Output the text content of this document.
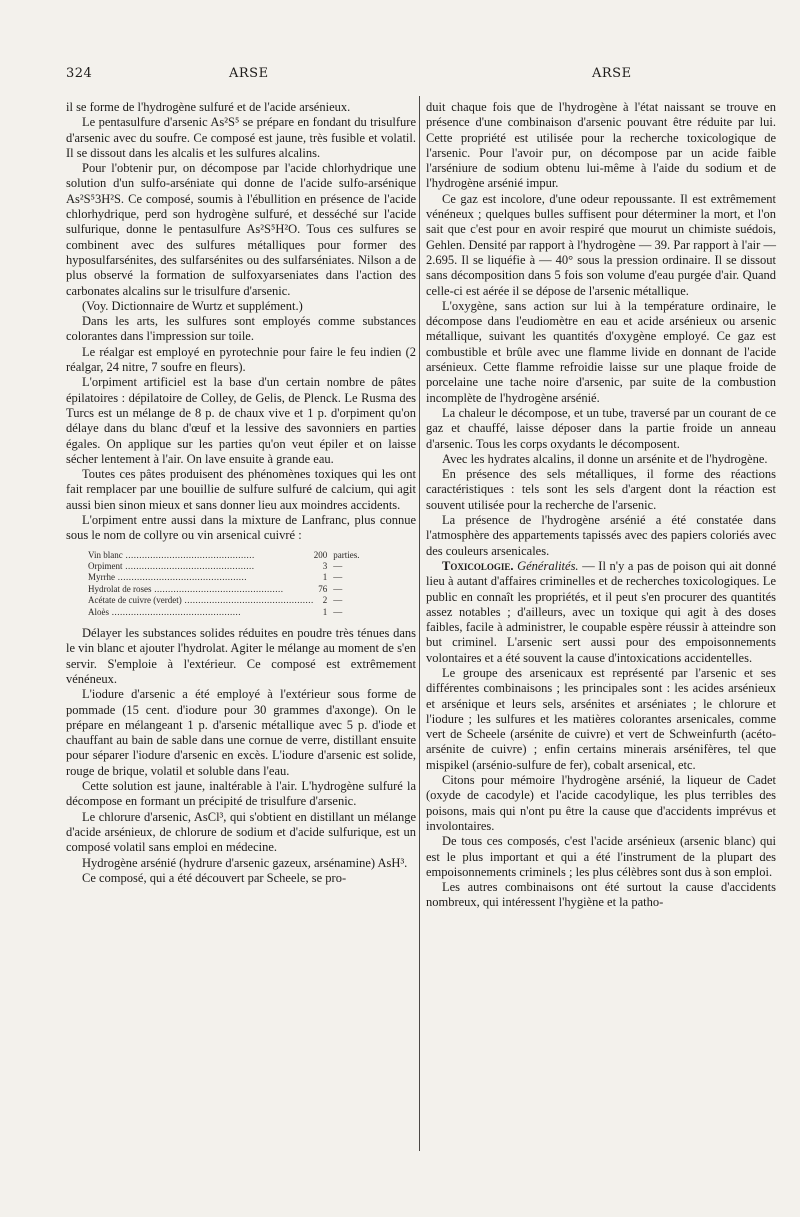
324	ARSE	ARSE

il se forme de l'hydrogène sulfuré et de l'acide arsénieux.

Le pentasulfure d'arsenic As²S⁵ se prépare en fondant du trisulfure d'arsenic avec du soufre. Ce composé est jaune, très fusible et volatil. Il se dissout dans les alcalis et les sulfures alcalins.

Pour l'obtenir pur, on décompose par l'acide chlorhydrique une solution d'un sulfo-arséniate qui donne de l'acide sulfo-arsénique As²S⁵3H²S. Ce composé, soumis à l'ébullition en présence de l'acide chlorhydrique, perd son hydrogène sulfuré, et desséché sur l'acide sulfurique, donne le pentasulfure As²S⁵H²O. Tous ces sulfures se combinent avec des sulfures métalliques pour former des hyposulfarsénites, des sulfarsénites ou des sulfarséniates. Nilson a de plus observé la formation de sulfoxyarseniates dans l'action des carbonates alcalins sur le trisulfure d'arsenic.

(Voy. Dictionnaire de Wurtz et supplément.)

Dans les arts, les sulfures sont employés comme substances colorantes dans l'impression sur toile.

Le réalgar est employé en pyrotechnie pour faire le feu indien (2 réalgar, 24 nitre, 7 soufre en fleurs).

L'orpiment artificiel est la base d'un certain nombre de pâtes épilatoires : dépilatoire de Colley, de Gelis, de Plenck. Le Rusma des Turcs est un mélange de 8 p. de chaux vive et 1 p. d'orpiment qu'on délaye dans du blanc d'œuf et la lessive des savonniers en parties égales. On applique sur les parties qu'on veut épiler et on laisse sécher lentement à l'air. On lave ensuite à grande eau.

Toutes ces pâtes produisent des phénomènes toxiques qui les ont fait remplacer par une bouillie de sulfure sulfuré de calcium, qui agit aussi bien sinon mieux et sans donner lieu aux moindres accidents.

L'orpiment entre aussi dans la mixture de Lanfranc, plus connue sous le nom de collyre ou vin arsenical cuivré :

Vin blanc .....	200	parties.
Orpiment .....	3	—
Myrrhe .....	1	—
Hydrolat de roses .....	76	—
Acétate de cuivre (verdet) .....	2	—
Aloès .....	1	—

Délayer les substances solides réduites en poudre très ténues dans le vin blanc et ajouter l'hydrolat. Agiter le mélange au moment de s'en servir. S'emploie à l'extérieur. Ce composé est extrêmement vénéneux.

L'iodure d'arsenic a été employé à l'extérieur sous forme de pommade (15 cent. d'iodure pour 30 grammes d'axonge). On le prépare en mélangeant 1 p. d'arsenic métallique avec 5 p. d'iode et chauffant au bain de sable dans une cornue de verre, distillant ensuite pour séparer l'iodure d'arsenic en excès. L'iodure d'arsenic est solide, rouge de brique, volatil et soluble dans l'eau.

Cette solution est jaune, inaltérable à l'air. L'hydrogène sulfuré la décompose en formant un précipité de trisulfure d'arsenic.

Le chlorure d'arsenic, AsCl³, qui s'obtient en distillant un mélange d'acide arsénieux, de chlorure de sodium et d'acide sulfurique, est un composé volatil sans emploi en médecine.

Hydrogène arsénié (hydrure d'arsenic gazeux, arsénamine) AsH³.

Ce composé, qui a été découvert par Scheele, se pro-

duit chaque fois que de l'hydrogène à l'état naissant se trouve en présence d'une combinaison d'arsenic pouvant être réduite par lui. Cette propriété est utilisée pour la recherche toxicologique de l'arsenic. Pour l'avoir pur, on décompose par un acide faible l'arséniure de sodium obtenu lui-même à l'aide du sodium et de l'hydrogène arsénié impur.

Ce gaz est incolore, d'une odeur repoussante. Il est extrêmement vénéneux ; quelques bulles suffisent pour déterminer la mort, et l'on sait que c'est pour en avoir respiré que mourut un chimiste suédois, Gehlen. Densité par rapport à l'hydrogène — 39. Par rapport à l'air — 2.695. Il se liquéfie à — 40° sous la pression ordinaire. Il se dissout sans décomposition dans 5 fois son volume d'eau purgée d'air. Quand celle-ci est aérée il se dépose de l'arsenic métallique.

L'oxygène, sans action sur lui à la température ordinaire, le décompose dans l'eudiomètre en eau et acide arsénieux ou arsenic métallique, suivant les quantités d'oxygène employé. Ce gaz est combustible et brûle avec une flamme livide en donnant de l'acide arsénieux. Cette flamme refroidie laisse sur une plaque froide de porcelaine une tache noire d'arsenic, par suite de la combustion incomplète de l'hydrogène arsénié.

La chaleur le décompose, et un tube, traversé par un courant de ce gaz et chauffé, laisse déposer dans la partie froide un anneau d'arsenic. Tous les corps oxydants le décomposent.

Avec les hydrates alcalins, il donne un arsénite et de l'hydrogène.

En présence des sels métalliques, il forme des réactions caractéristiques : tels sont les sels d'argent dont la réaction est souvent utilisée pour la recherche de l'arsenic.

La présence de l'hydrogène arsénié a été constatée dans l'atmosphère des appartements tapissés avec des papiers coloriés avec des couleurs arsenicales.

Toxicologie. Généralités. — Il n'y a pas de poison qui ait donné lieu à autant d'affaires criminelles et de recherches toxicologiques. Le public en connaît les propriétés, et il peut s'en procurer des quantités assez notables ; d'ailleurs, avec un toxique qui agit à des doses faibles, facile à administrer, le coupable espère réussir à atteindre son but criminel. L'arsenic sert aussi pour des empoisonnements volontaires et a été souvent la cause d'intoxications accidentelles.

Le groupe des arsenicaux est représenté par l'arsenic et ses différentes combinaisons ; les principales sont : les acides arsénieux et arsénique et leurs sels, arsénites et arséniates ; le chlorure et l'iodure ; les sulfures et les matières colorantes arsenicales, comme vert de Scheele (arsénite de cuivre) et vert de Schweinfurth (acéto-arsénite de cuivre) ; enfin certains minerais arsénifères, tel que mispikel (arsénio-sulfure de fer), cobalt arsenical, etc.

Citons pour mémoire l'hydrogène arsénié, la liqueur de Cadet (oxyde de cacodyle) et l'acide cacodylique, les plus terribles des poisons, mais qui n'ont pu être la cause que d'accidents imprévus et involontaires.

De tous ces composés, c'est l'acide arsénieux (arsenic blanc) qui est le plus important et qui a été l'instrument de la plupart des empoisonnements criminels ; les plus célèbres sont dus à son emploi.

Les autres combinaisons ont été surtout la cause d'accidents nombreux, qui intéressent l'hygiène et la patho-
